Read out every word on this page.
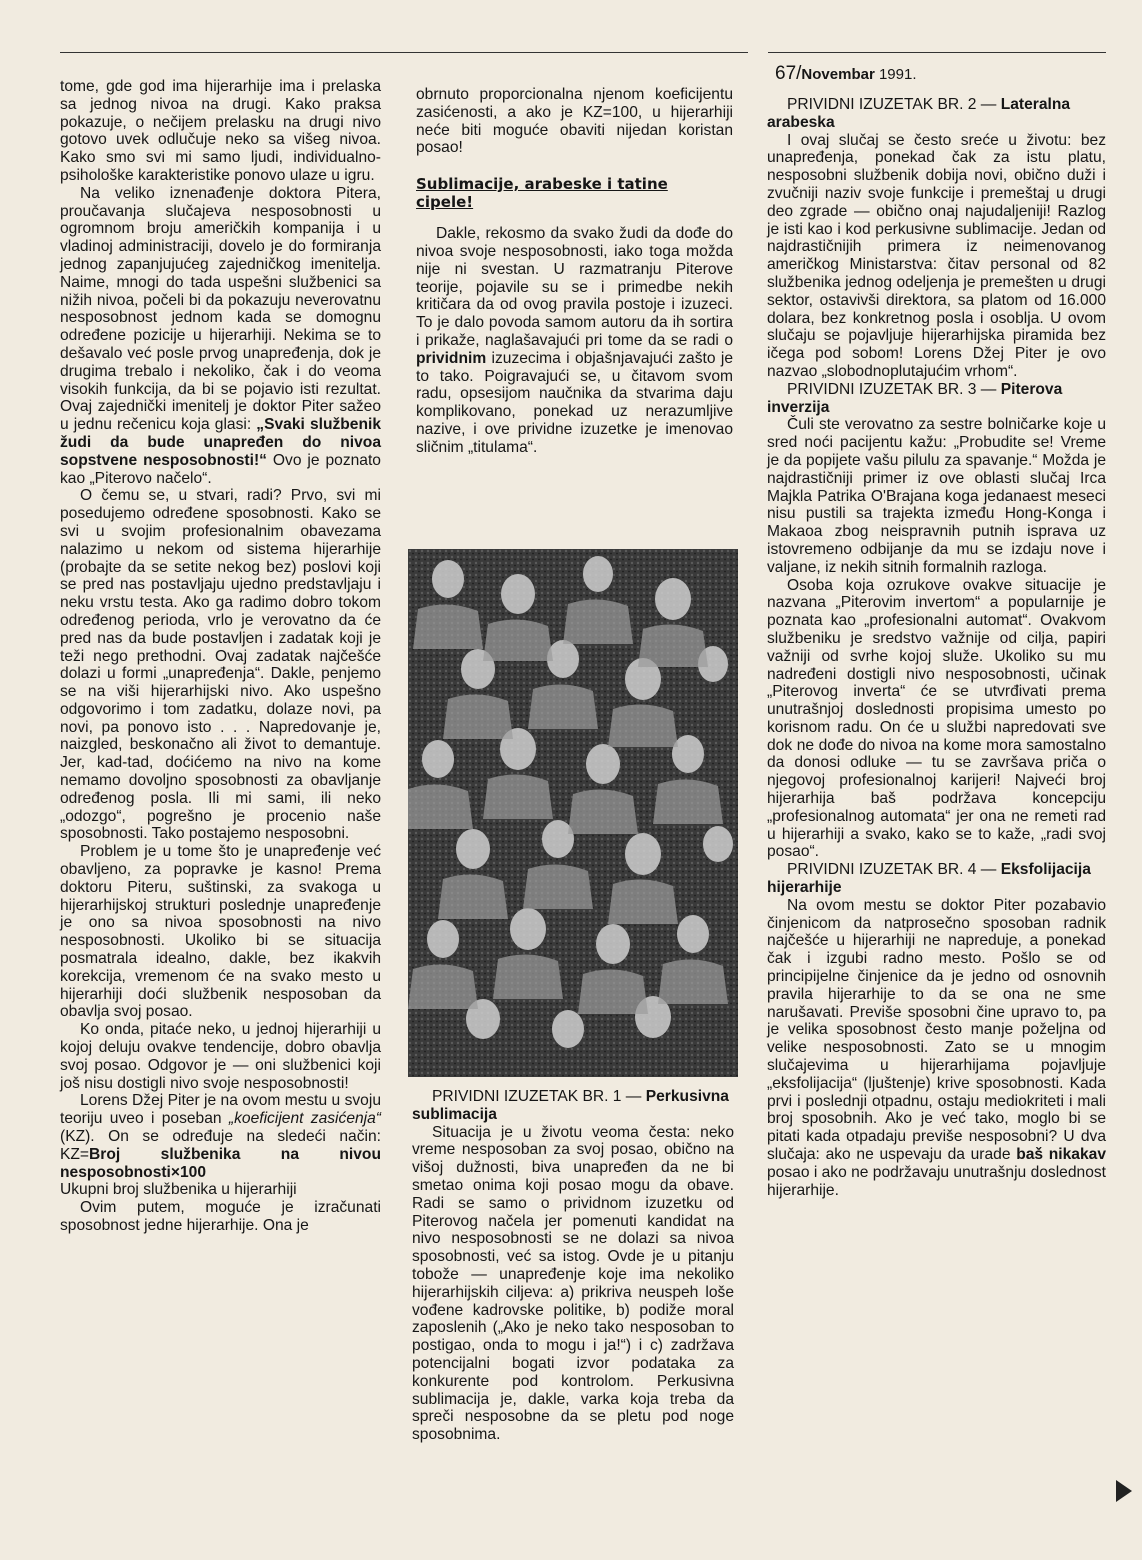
67/Novembar 1991.

tome, gde god ima hijerarhije ima i prelaska sa jednog nivoa na drugi. Kako praksa pokazuje, o nečijem prelasku na drugi nivo gotovo uvek odlučuje neko sa višeg nivoa. Kako smo svi mi samo ljudi, individualno-psihološke karakteristike ponovo ulaze u igru.

Na veliko iznenađenje doktora Pitera, proučavanja slučajeva nesposobnosti u ogromnom broju američkih kompanija i u vladinoj administraciji, dovelo je do formiranja jednog zapanjujućeg zajedničkog imenitelja. Naime, mnogi do tada uspešni službenici sa nižih nivoa, počeli bi da pokazuju neverovatnu nesposobnost jednom kada se domognu određene pozicije u hijerarhiji. Nekima se to dešavalo već posle prvog unapređenja, dok je drugima trebalo i nekoliko, čak i do veoma visokih funkcija, da bi se pojavio isti rezultat. Ovaj zajednički imenitelj je doktor Piter sažeo u jednu rečenicu koja glasi: „Svaki službenik žudi da bude unapređen do nivoa sopstvene nesposobnosti!“ Ovo je poznato kao „Piterovo načelo“.

O čemu se, u stvari, radi? Prvo, svi mi posedujemo određene sposobnosti. Kako se svi u svojim profesionalnim obavezama nalazimo u nekom od sistema hijerarhije (probajte da se setite nekog bez) poslovi koji se pred nas postavljaju ujedno predstavljaju i neku vrstu testa. Ako ga radimo dobro tokom određenog perioda, vrlo je verovatno da će pred nas da bude postavljen i zadatak koji je teži nego prethodni. Ovaj zadatak najčešće dolazi u formi „unapređenja“. Dakle, penjemo se na viši hijerarhijski nivo. Ako uspešno odgovorimo i tom zadatku, dolaze novi, pa novi, pa ponovo isto . . . Napredovanje je, naizgled, beskonačno ali život to demantuje. Jer, kad-tad, doćićemo na nivo na kome nemamo dovoljno sposobnosti za obavljanje određenog posla. Ili mi sami, ili neko „odozgo“, pogrešno je procenio naše sposobnosti. Tako postajemo nesposobni.

Problem je u tome što je unapređenje već obavljeno, za popravke je kasno! Prema doktoru Piteru, suštinski, za svakoga u hijerarhijskoj strukturi poslednje unapređenje je ono sa nivoa sposobnosti na nivo nesposobnosti. Ukoliko bi se situacija posmatrala idealno, dakle, bez ikakvih korekcija, vremenom će na svako mesto u hijerarhiji doći službenik nesposoban da obavlja svoj posao.

Ko onda, pitaće neko, u jednoj hijerarhiji u kojoj deluju ovakve tendencije, dobro obavlja svoj posao. Odgovor je — oni službenici koji još nisu dostigli nivo svoje nesposobnosti!

Lorens Džej Piter je na ovom mestu u svoju teoriju uveo i poseban „koeficijent zasićenja“ (KZ). On se određuje na sledeći način: KZ=Broj službenika na nivou nesposobnosti×100

Ukupni broj službenika u hijerarhiji

Ovim putem, moguće je izračunati sposobnost jedne hijerarhije. Ona je

obrnuto proporcionalna njenom koeficijentu zasićenosti, a ako je KZ=100, u hijerarhiji neće biti moguće obaviti nijedan koristan posao!

Sublimacije, arabeske i tatine cipele!

Dakle, rekosmo da svako žudi da dođe do nivoa svoje nesposobnosti, iako toga možda nije ni svestan. U razmatranju Piterove teorije, pojavile su se i primedbe nekih kritičara da od ovog pravila postoje i izuzeci. To je dalo povoda samom autoru da ih sortira i prikaže, naglašavajući pri tome da se radi o prividnim izuzecima i objašnjavajući zašto je to tako. Poigravajući se, u čitavom svom radu, opsesijom naučnika da stvarima daju komplikovano, ponekad uz nerazumljive nazive, i ove prividne izuzetke je imenovao sličnim „titulama“.

PRIVIDNI IZUZETAK BR. 1 — Perkusivna sublimacija

Situacija je u životu veoma česta: neko vreme nesposoban za svoj posao, obično na višoj dužnosti, biva unapređen da ne bi smetao onima koji posao mogu da obave. Radi se samo o prividnom izuzetku od Piterovog načela jer pomenuti kandidat na nivo nesposobnosti se ne dolazi sa nivoa sposobnosti, već sa istog. Ovde je u pitanju tobože — unapređenje koje ima nekoliko hijerarhijskih ciljeva: a) prikriva neuspeh loše vođene kadrovske politike, b) podiže moral zaposlenih („Ako je neko tako nesposoban to postigao, onda to mogu i ja!“) i c) zadržava potencijalni bogati izvor podataka za konkurente pod kontrolom. Perkusivna sublimacija je, dakle, varka koja treba da spreči nesposobne da se pletu pod noge sposobnima.

PRIVIDNI IZUZETAK BR. 2 — Lateralna arabeska

I ovaj slučaj se često sreće u životu: bez unapređenja, ponekad čak za istu platu, nesposobni službenik dobija novi, obično duži i zvučniji naziv svoje funkcije i premeštaj u drugi deo zgrade — obično onaj najudaljeniji! Razlog je isti kao i kod perkusivne sublimacije. Jedan od najdrastičnijih primera iz neimenovanog američkog Ministarstva: čitav personal od 82 službenika jednog odeljenja je premešten u drugi sektor, ostavivši direktora, sa platom od 16.000 dolara, bez konkretnog posla i osoblja. U ovom slučaju se pojavljuje hijerarhijska piramida bez ičega pod sobom! Lorens Džej Piter je ovo nazvao „slobodnoplutajućim vrhom“.

PRIVIDNI IZUZETAK BR. 3 — Piterova inverzija

Čuli ste verovatno za sestre bolničarke koje u sred noći pacijentu kažu: „Probudite se! Vreme je da popijete vašu pilulu za spavanje.“ Možda je najdrastičniji primer iz ove oblasti slučaj Irca Majkla Patrika O'Brajana koga jedanaest meseci nisu pustili sa trajekta između Hong-Konga i Makaoa zbog neispravnih putnih isprava uz istovremeno odbijanje da mu se izdaju nove i valjane, iz nekih sitnih formalnih razloga.

Osoba koja ozrukove ovakve situacije je nazvana „Piterovim invertom“ a popularnije je poznata kao „profesionalni automat“. Ovakvom službeniku je sredstvo važnije od cilja, papiri važniji od svrhe kojoj služe. Ukoliko su mu nadređeni dostigli nivo nesposobnosti, učinak „Piterovog inverta“ će se utvrđivati prema unutrašnjoj doslednosti propisima umesto po korisnom radu. On će u službi napredovati sve dok ne dođe do nivoa na kome mora samostalno da donosi odluke — tu se završava priča o njegovoj profesionalnoj karijeri! Najveći broj hijerarhija baš podržava koncepciju „profesionalnog automata“ jer ona ne remeti rad u hijerarhiji a svako, kako se to kaže, „radi svoj posao“.

PRIVIDNI IZUZETAK BR. 4 — Eksfolijacija hijerarhije

Na ovom mestu se doktor Piter pozabavio činjenicom da natprosečno sposoban radnik najčešće u hijerarhiji ne napreduje, a ponekad čak i izgubi radno mesto. Pošlo se od principijelne činjenice da je jedno od osnovnih pravila hijerarhije to da se ona ne sme narušavati. Previše sposobni čine upravo to, pa je velika sposobnost često manje poželjna od velike nesposobnosti. Zato se u mnogim slučajevima u hijerarhijama pojavljuje „eksfolijacija“ (ljuštenje) krive sposobnosti. Kada prvi i poslednji otpadnu, ostaju mediokriteti i mali broj sposobnih. Ako je već tako, moglo bi se pitati kada otpadaju previše nesposobni? U dva slučaja: ako ne uspevaju da urade baš nikakav posao i ako ne podržavaju unutrašnju doslednost hijerarhije.
